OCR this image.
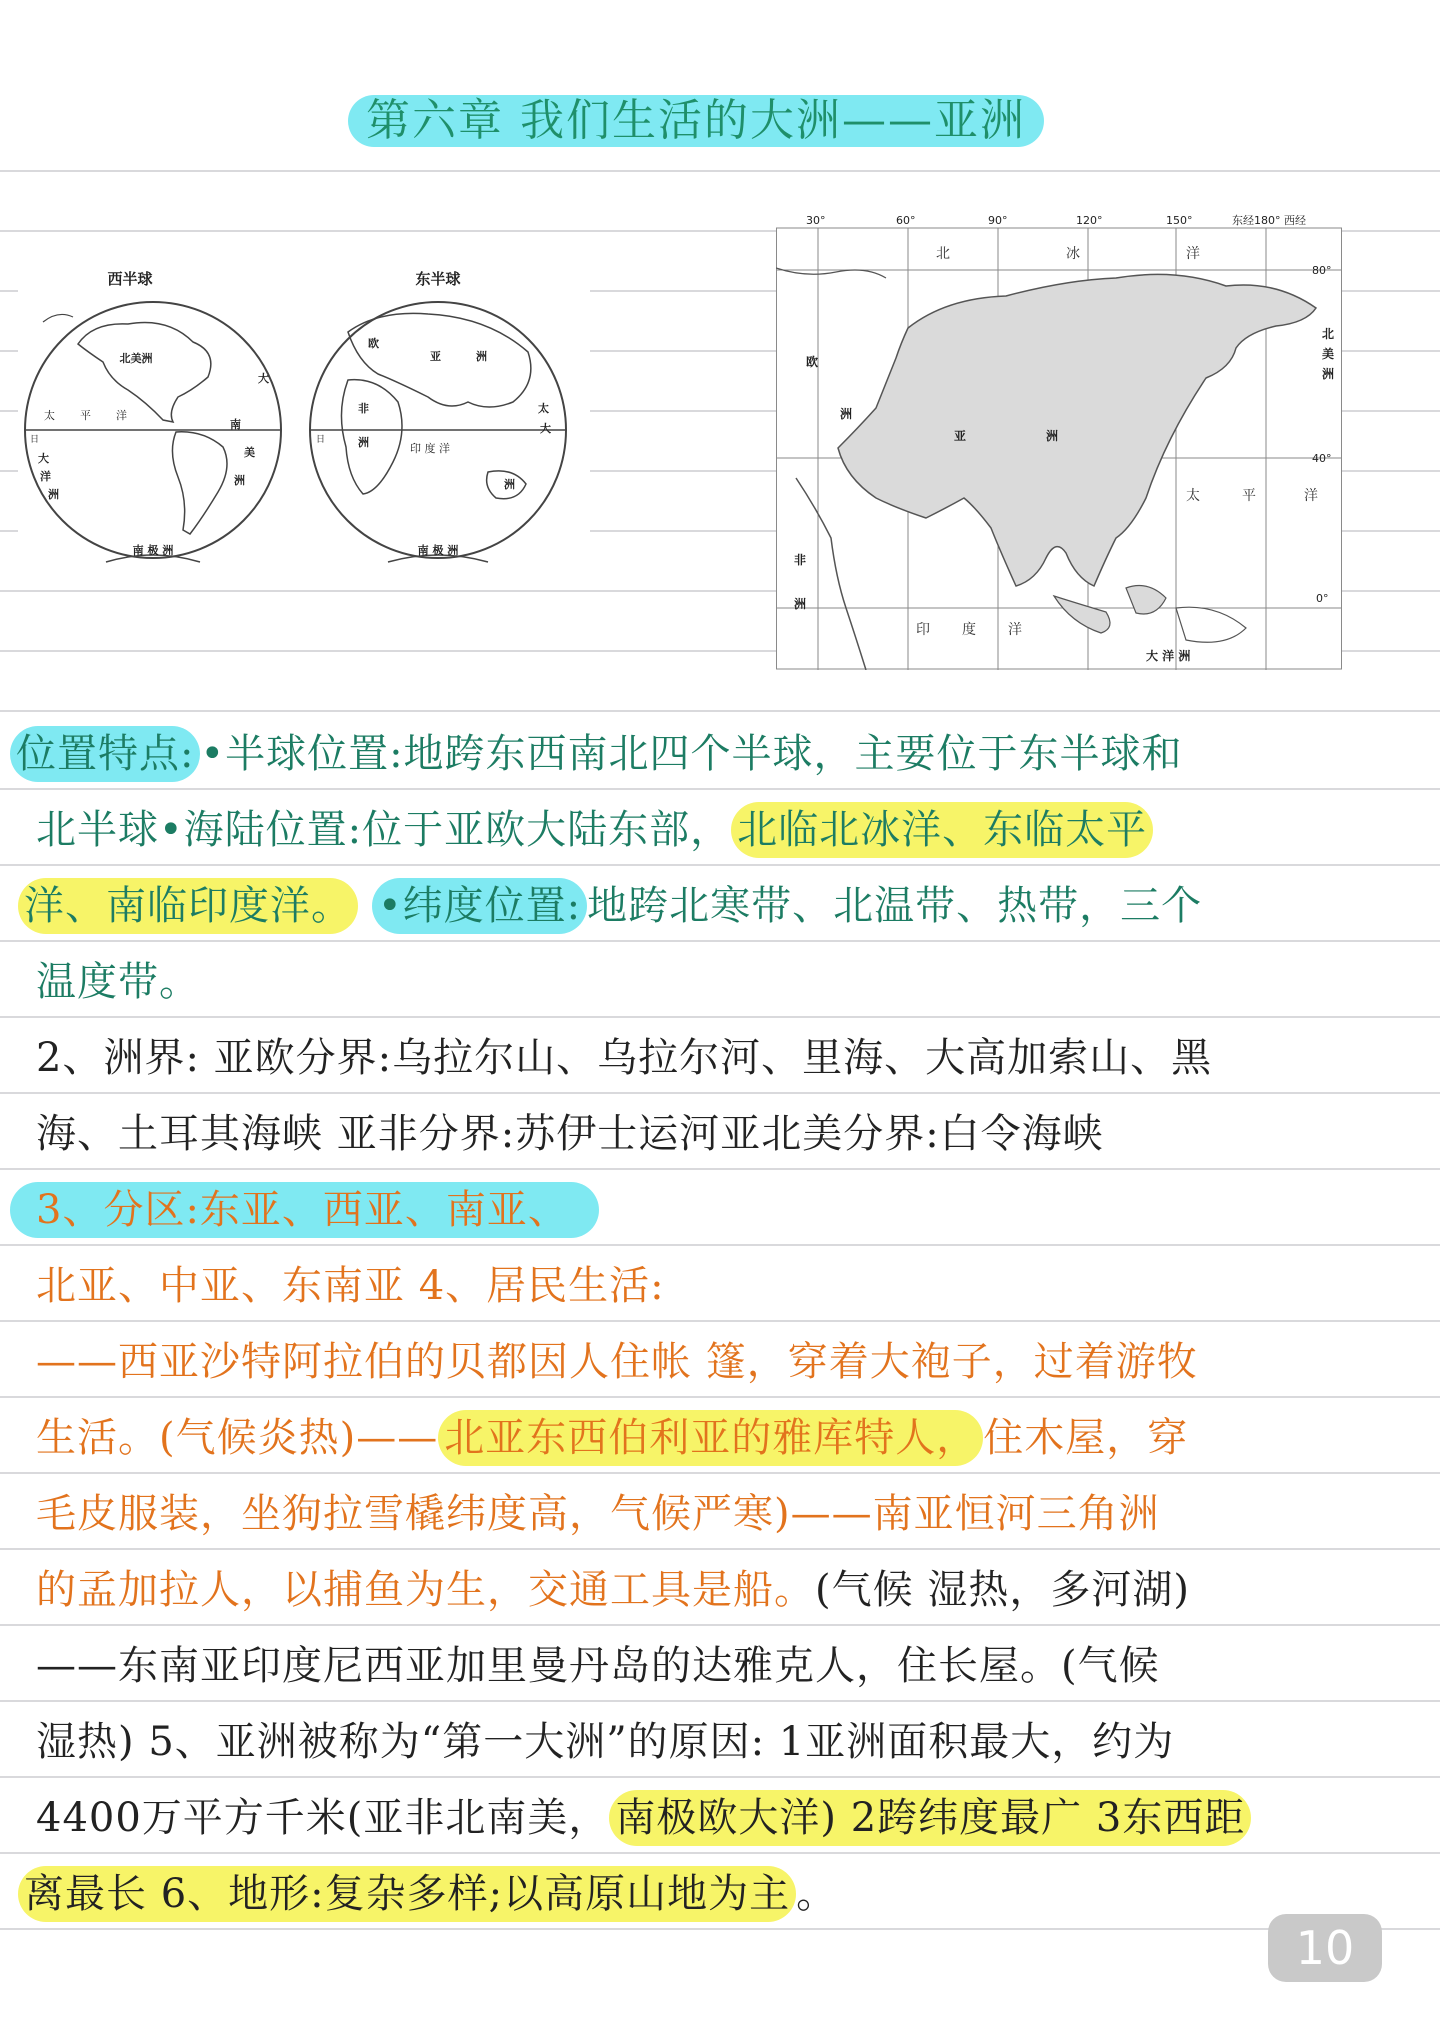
第六章 我们生活的大洲——亚洲
西半球	东半球
北美洲
大
南
美
洲
太 平 洋
日
大
洋
洲
南 极 洲
欧
亚	洲
非
洲	印 度 洋
太
大
洲
日
南 极 洲
30°	60°	90°	120°	150°	东经180° 西经
80°
40°
0°
北	冰	洋
亚	洲
欧
洲
北
美
洲
太	平	洋
非
洲
印 度 洋
大 洋 洲
位置特点: •半球位置:地跨东西南北四个半球，主要位于东半球和
北半球•海陆位置:位于亚欧大陆东部， 北临北冰洋、东临太平
洋、南临印度洋。 •纬度位置: 地跨北寒带、北温带、热带，三个
温度带。
2、洲界: 亚欧分界:乌拉尔山、乌拉尔河、里海、大高加索山、黑
海、土耳其海峡 亚非分界:苏伊士运河亚北美分界:白令海峡
3、分区:东亚、西亚、南亚、
北亚、中亚、东南亚 4、居民生活:
——西亚沙特阿拉伯的贝都因人住帐 篷，穿着大袍子，过着游牧
生活。(气候炎热)—— 北亚东西伯利亚的雅库特人， 住木屋，穿
毛皮服装，坐狗拉雪橇纬度高，气候严寒)——南亚恒河三角洲
的孟加拉人，以捕鱼为生，交通工具是船。(气候 湿热，多河湖)
——东南亚印度尼西亚加里曼丹岛的达雅克人，住长屋。(气候
湿热) 5、亚洲被称为“第一大洲”的原因: 1亚洲面积最大，约为
4400万平方千米(亚非北南美， 南极欧大洋) 2跨纬度最广 3东西距
离最长 6、地形:复杂多样;以高原山地为主 。
10
